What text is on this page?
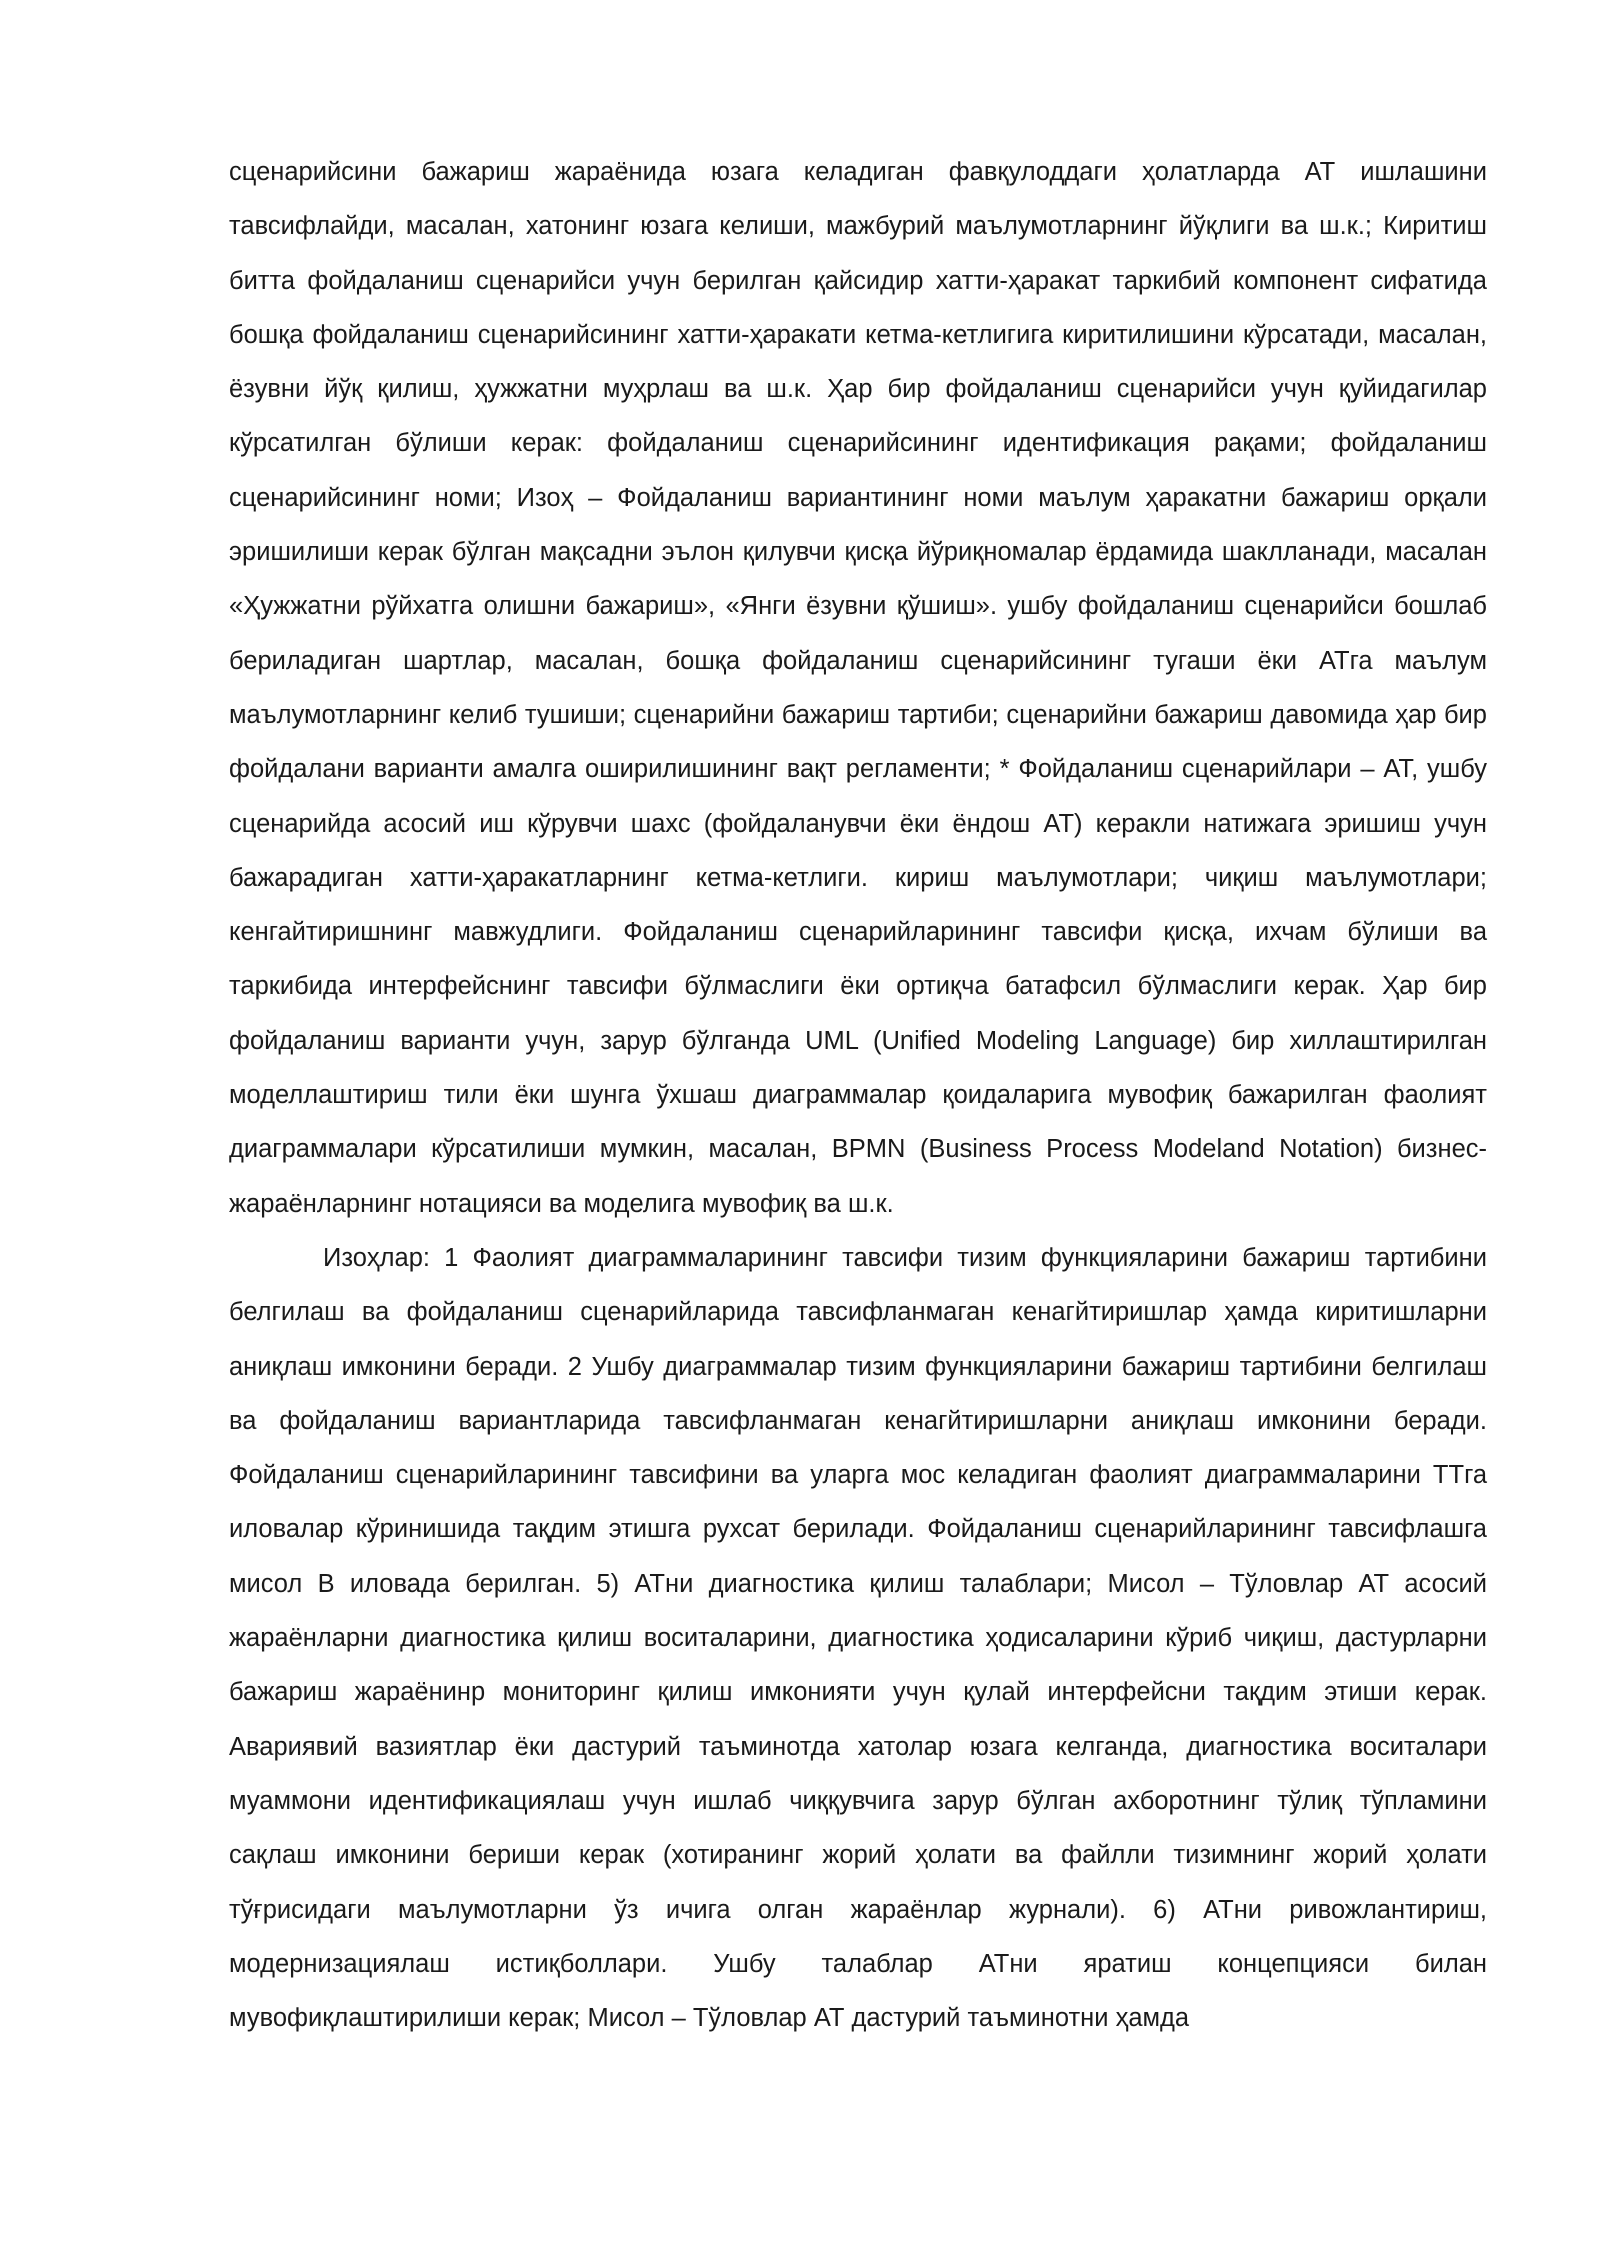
сценарийсини бажариш жараёнида юзага келадиган фавқулоддаги ҳолатларда АТ ишлашини тавсифлайди, масалан, хатонинг юзага келиши, мажбурий маълумотларнинг йўқлиги ва ш.к.; Киритиш битта фойдаланиш сценарийси учун берилган қайсидир хатти-ҳаракат таркибий компонент сифатида бошқа фойдаланиш сценарийсининг хатти-ҳаракати кетма-кетлигига киритилишини кўрсатади, масалан, ёзувни йўқ қилиш, ҳужжатни муҳрлаш ва ш.к. Ҳар бир фойдаланиш сценарийси учун қуйидагилар кўрсатилган бўлиши керак: фойдаланиш сценарийсининг идентификация рақами; фойдаланиш сценарийсининг номи; Изоҳ – Фойдаланиш вариантининг номи маълум ҳаракатни бажариш орқали эришилиши керак бўлган мақсадни эълон қилувчи қисқа йўриқномалар ёрдамида шаклланади, масалан «Ҳужжатни рўйхатга олишни бажариш», «Янги ёзувни қўшиш». ушбу фойдаланиш сценарийси бошлаб бериладиган шартлар, масалан, бошқа фойдаланиш сценарийсининг тугаши ёки АТга маълум маълумотларнинг келиб тушиши; сценарийни бажариш тартиби; сценарийни бажариш давомида ҳар бир фойдалани варианти амалга оширилишининг вақт регламенти; * Фойдаланиш сценарийлари – АТ, ушбу сценарийда асосий иш кўрувчи шахс (фойдаланувчи ёки ёндош АТ) керакли натижага эришиш учун бажарадиган хатти-ҳаракатларнинг кетма-кетлиги. кириш маълумотлари; чиқиш маълумотлари; кенгайтиришнинг мавжудлиги. Фойдаланиш сценарийларининг тавсифи қисқа, ихчам бўлиши ва таркибида интерфейснинг тавсифи бўлмаслиги ёки ортиқча батафсил бўлмаслиги керак. Ҳар бир фойдаланиш варианти учун, зарур бўлганда UML (Unified Modeling Language) бир хиллаштирилган моделлаштириш тили ёки шунга ўхшаш диаграммалар қоидаларига мувофиқ бажарилган фаолият диаграммалари кўрсатилиши мумкин, масалан, BPMN (Business Process Modeland Notation) бизнес-жараёнларнинг нотацияси ва моделига мувофиқ ва ш.к.

Изоҳлар: 1 Фаолият диаграммаларининг тавсифи тизим функцияларини бажариш тартибини белгилаш ва фойдаланиш сценарийларида тавсифланмаган кенагйтиришлар ҳамда киритишларни аниқлаш имконини беради. 2 Ушбу диаграммалар тизим функцияларини бажариш тартибини белгилаш ва фойдаланиш вариантларида тавсифланмаган кенагйтиришларни аниқлаш имконини беради. Фойдаланиш сценарийларининг тавсифини ва уларга мос келадиган фаолият диаграммаларини ТТга иловалар кўринишида тақдим этишга рухсат берилади. Фойдаланиш сценарийларининг тавсифлашга мисол В иловада берилган. 5) АТни диагностика қилиш талаблари; Мисол – Тўловлар АТ асосий жараёнларни диагностика қилиш воситаларини, диагностика ҳодисаларини кўриб чиқиш, дастурларни бажариш жараёнинр мониторинг қилиш имконияти учун қулай интерфейсни тақдим этиши керак. Авариявий вазиятлар ёки дастурий таъминотда хатолар юзага келганда, диагностика воситалари муаммони идентификациялаш учун ишлаб чиққувчига зарур бўлган ахборотнинг тўлиқ тўпламини сақлаш имконини бериши керак (хотиранинг жорий ҳолати ва файлли тизимнинг жорий ҳолати тўғрисидаги маълумотларни ўз ичига олган жараёнлар журнали). 6) АТни ривожлантириш, модернизациялаш истиқболлари. Ушбу талаблар АТни яратиш концепцияси билан мувофиқлаштирилиши керак; Мисол – Тўловлар АТ дастурий таъминотни ҳамда
